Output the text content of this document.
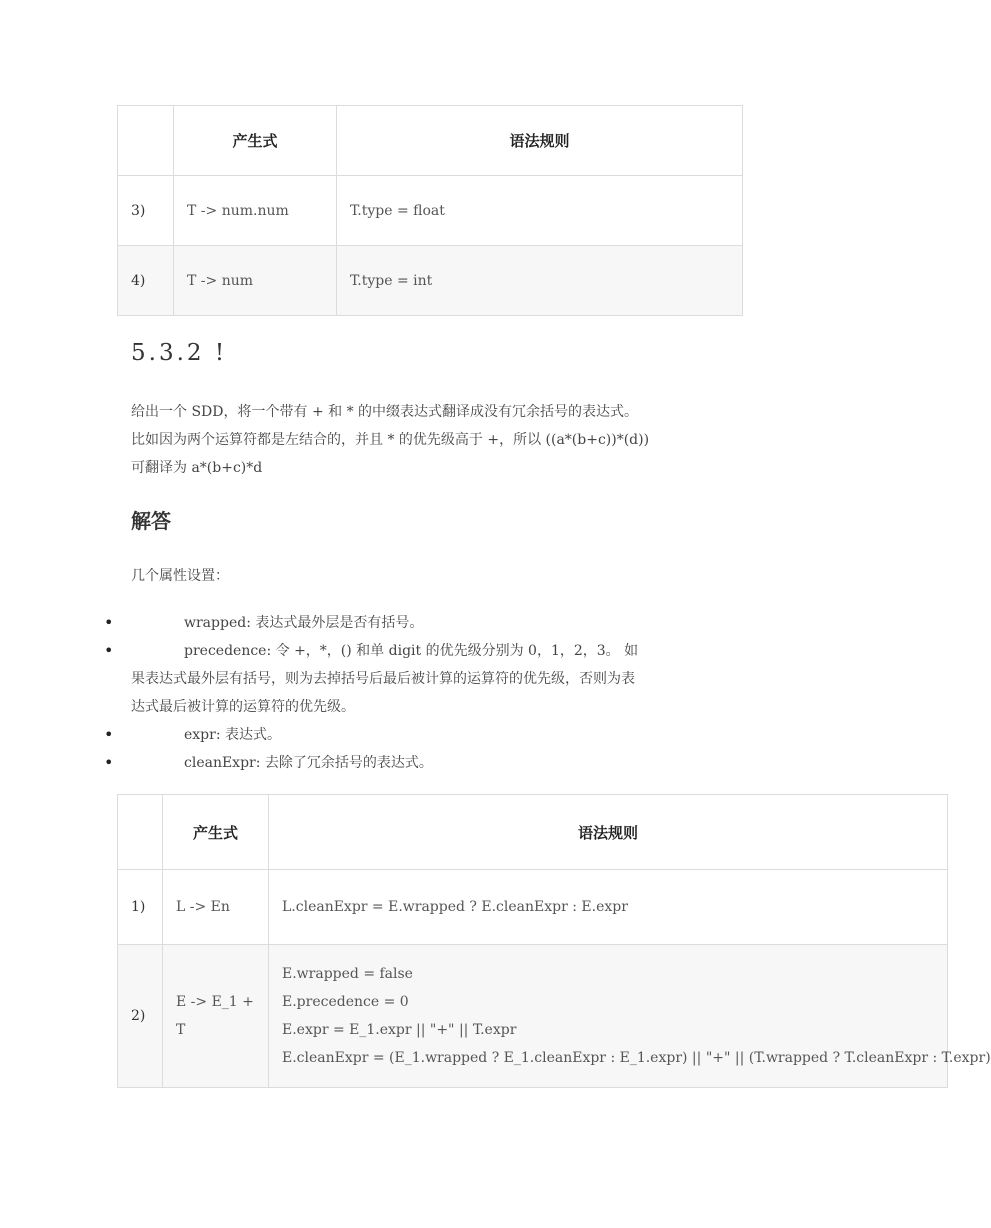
	产生式	语法规则
3)	T -> num.num	T.type = float
4)	T -> num	T.type = int
5.3.2 !

给出一个 SDD，将一个带有 + 和 * 的中缀表达式翻译成没有冗余括号的表达式。
比如因为两个运算符都是左结合的，并且 * 的优先级高于 +，所以 ((a*(b+c))*(d))
可翻译为 a*(b+c)*d

解答

几个属性设置：

•	wrapped: 表达式最外层是否有括号。
•	precedence: 令 +，*，() 和单 digit 的优先级分别为 0，1，2，3。 如
果表达式最外层有括号，则为去掉括号后最后被计算的运算符的优先级，否则为表
达式最后被计算的运算符的优先级。
•	expr: 表达式。
•	cleanExpr: 去除了冗余括号的表达式。
	产生式	语法规则
1)	L -> En	L.cleanExpr = E.wrapped ? E.cleanExpr : E.expr
2)	E -> E_1 +
T	E.wrapped = false
E.precedence = 0
E.expr = E_1.expr || "+" || T.expr
E.cleanExpr = (E_1.wrapped ? E_1.cleanExpr : E_1.expr) || "+" || (T.wrapped ? T.cleanExpr : T.expr)
